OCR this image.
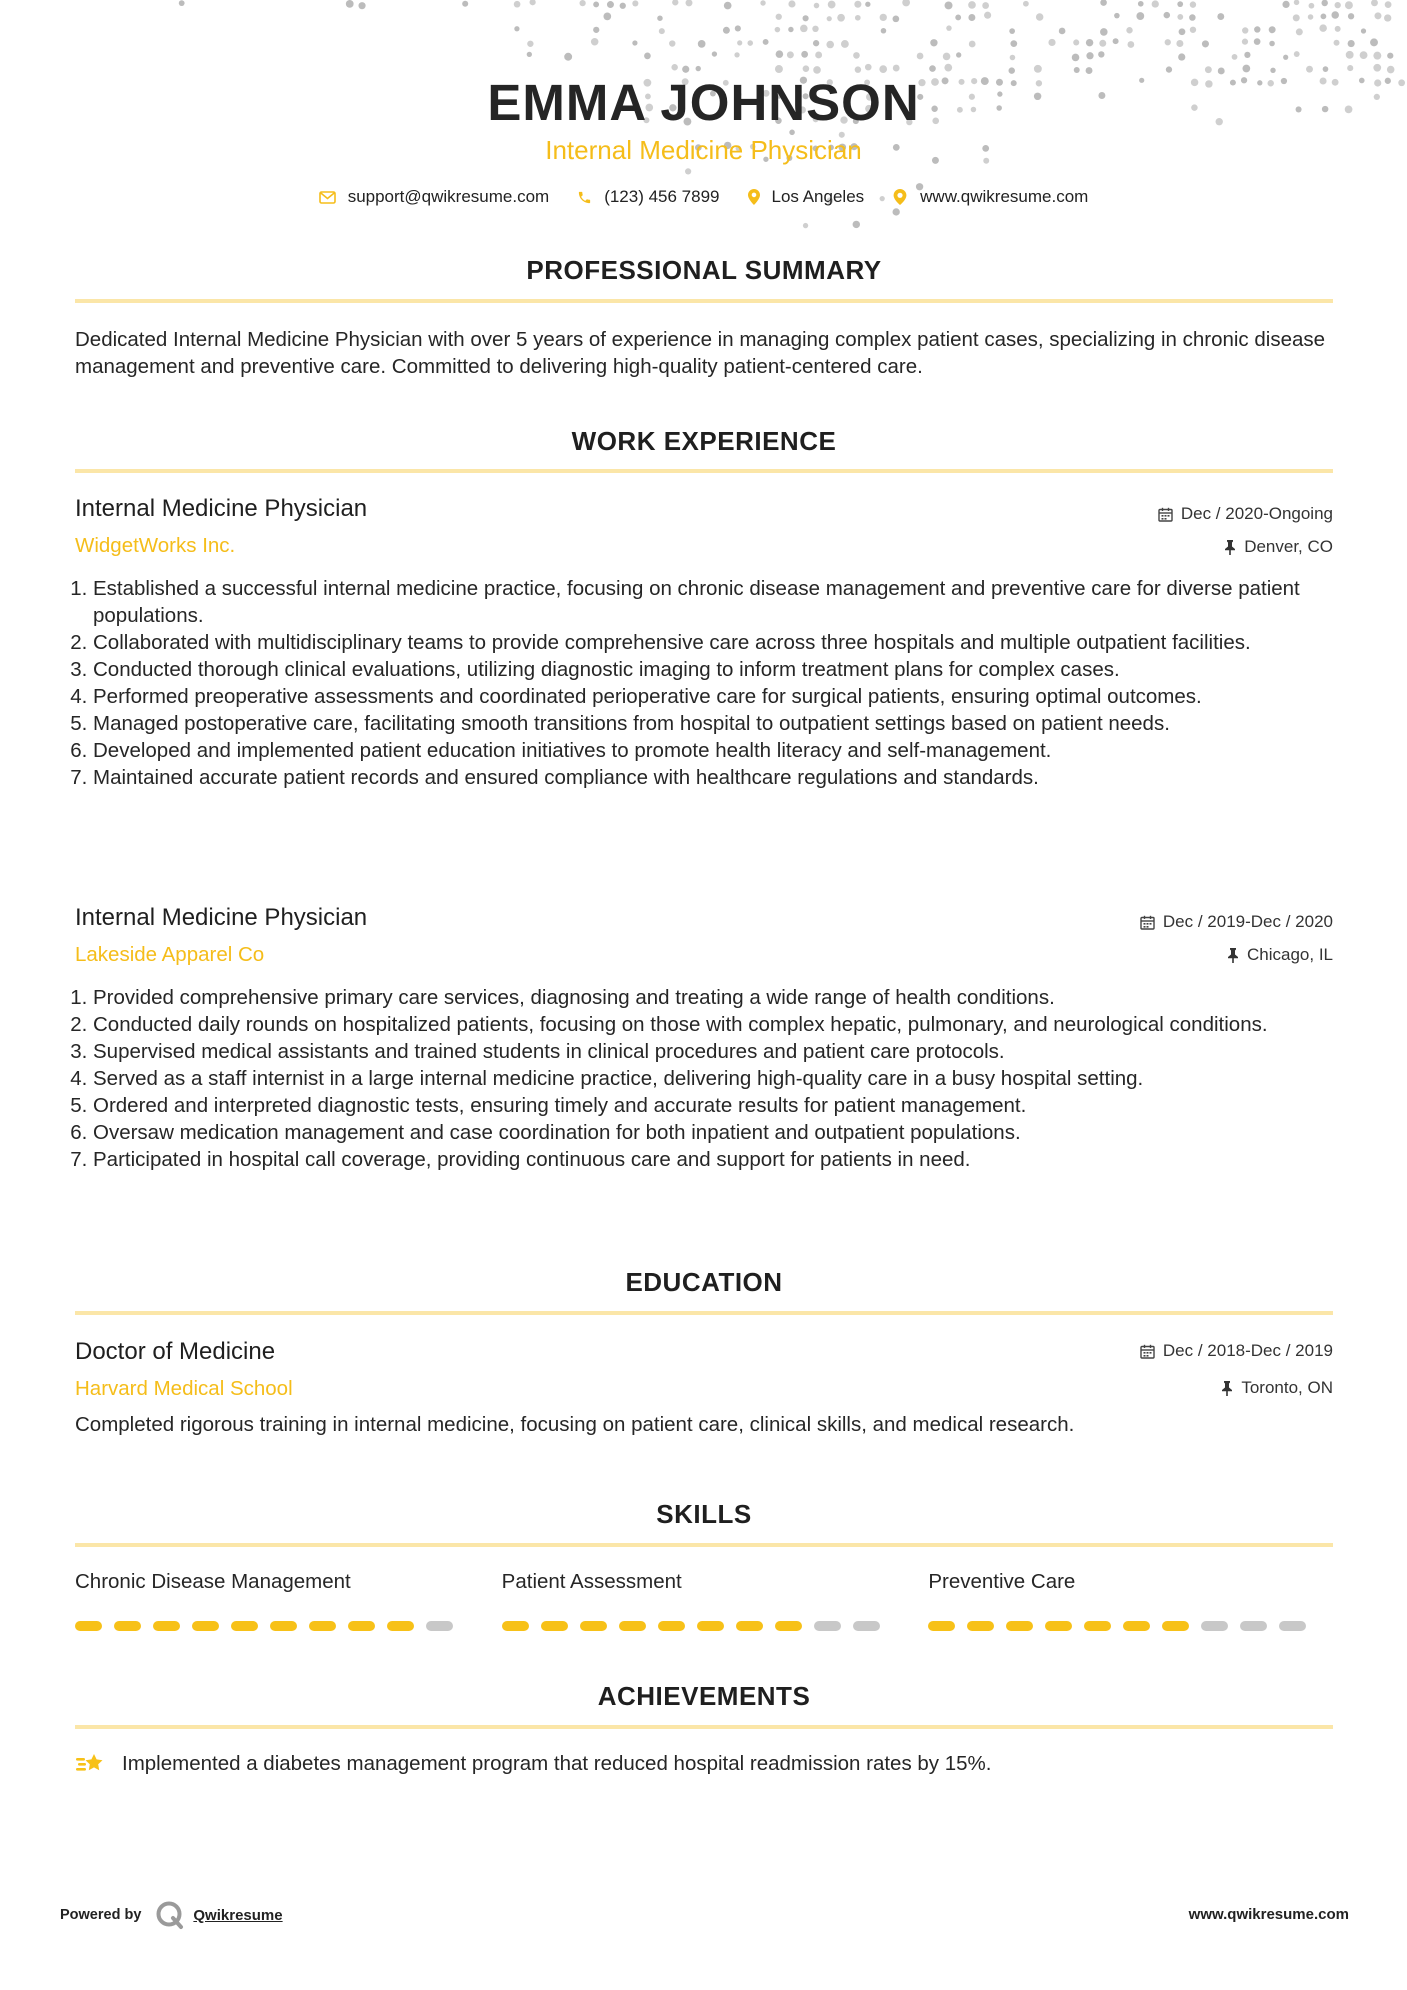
EMMA JOHNSON
Internal Medicine Physician
support@qwikresume.com	(123) 456 7899	Los Angeles	www.qwikresume.com
PROFESSIONAL SUMMARY

Dedicated Internal Medicine Physician with over 5 years of experience in managing complex patient cases, specializing in chronic disease management and preventive care. Committed to delivering high-quality patient-centered care.

WORK EXPERIENCE
Internal Medicine Physician	Dec / 2020-Ongoing
WidgetWorks Inc.	Denver, CO
1. Established a successful internal medicine practice, focusing on chronic disease management and preventive care for diverse patient populations.
2. Collaborated with multidisciplinary teams to provide comprehensive care across three hospitals and multiple outpatient facilities.
3. Conducted thorough clinical evaluations, utilizing diagnostic imaging to inform treatment plans for complex cases.
4. Performed preoperative assessments and coordinated perioperative care for surgical patients, ensuring optimal outcomes.
5. Managed postoperative care, facilitating smooth transitions from hospital to outpatient settings based on patient needs.
6. Developed and implemented patient education initiatives to promote health literacy and self-management.
7. Maintained accurate patient records and ensured compliance with healthcare regulations and standards.
Internal Medicine Physician	Dec / 2019-Dec / 2020
Lakeside Apparel Co	Chicago, IL
1. Provided comprehensive primary care services, diagnosing and treating a wide range of health conditions.
2. Conducted daily rounds on hospitalized patients, focusing on those with complex hepatic, pulmonary, and neurological conditions.
3. Supervised medical assistants and trained students in clinical procedures and patient care protocols.
4. Served as a staff internist in a large internal medicine practice, delivering high-quality care in a busy hospital setting.
5. Ordered and interpreted diagnostic tests, ensuring timely and accurate results for patient management.
6. Oversaw medication management and case coordination for both inpatient and outpatient populations.
7. Participated in hospital call coverage, providing continuous care and support for patients in need.
EDUCATION
Doctor of Medicine	Dec / 2018-Dec / 2019
Harvard Medical School	Toronto, ON

Completed rigorous training in internal medicine, focusing on patient care, clinical skills, and medical research.

SKILLS
Chronic Disease Management	Patient Assessment	Preventive Care
ACHIEVEMENTS
Implemented a diabetes management program that reduced hospital readmission rates by 15%.
Powered by	Qwikresume	www.qwikresume.com
